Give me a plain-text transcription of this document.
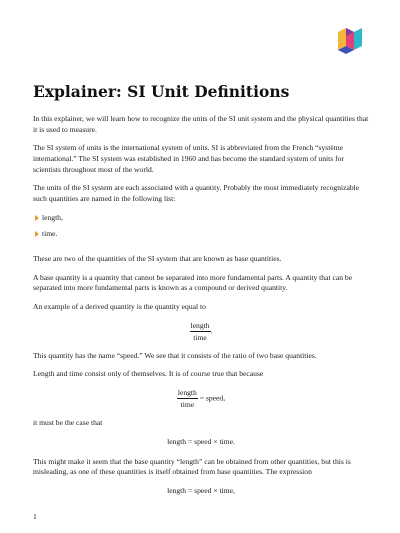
Explainer: SI Unit Definitions

In this explainer, we will learn how to recognize the units of the SI unit system and the physical quantities that it is used to measure.

The SI system of units is the international system of units. SI is abbreviated from the French “système international.” The SI system was established in 1960 and has become the standard system of units for scientists throughout most of the world.

The units of the SI system are each associated with a quantity. Probably the most immediately recognizable such quantities are named in the following list:

length,
time.

These are two of the quantities of the SI system that are known as base quantities.

A base quantity is a quantity that cannot be separated into more fundamental parts. A quantity that can be separated into more fundamental parts is known as a compound or derived quantity.

An example of a derived quantity is the quantity equal to

$\frac{\text{length}}{\text{time}}$ .

This quantity has the name “speed.” We see that it consists of the ratio of two base quantities.

Length and time consist only of themselves. It is of course true that because

$\frac{\text{length}}{\text{time}}$ = speed,

it must be the case that

length = speed × time.

This might make it seem that the base quantity “length” can be obtained from other quantities, but this is misleading, as one of these quantities is itself obtained from base quantities. The expression

length = speed × time,
1
